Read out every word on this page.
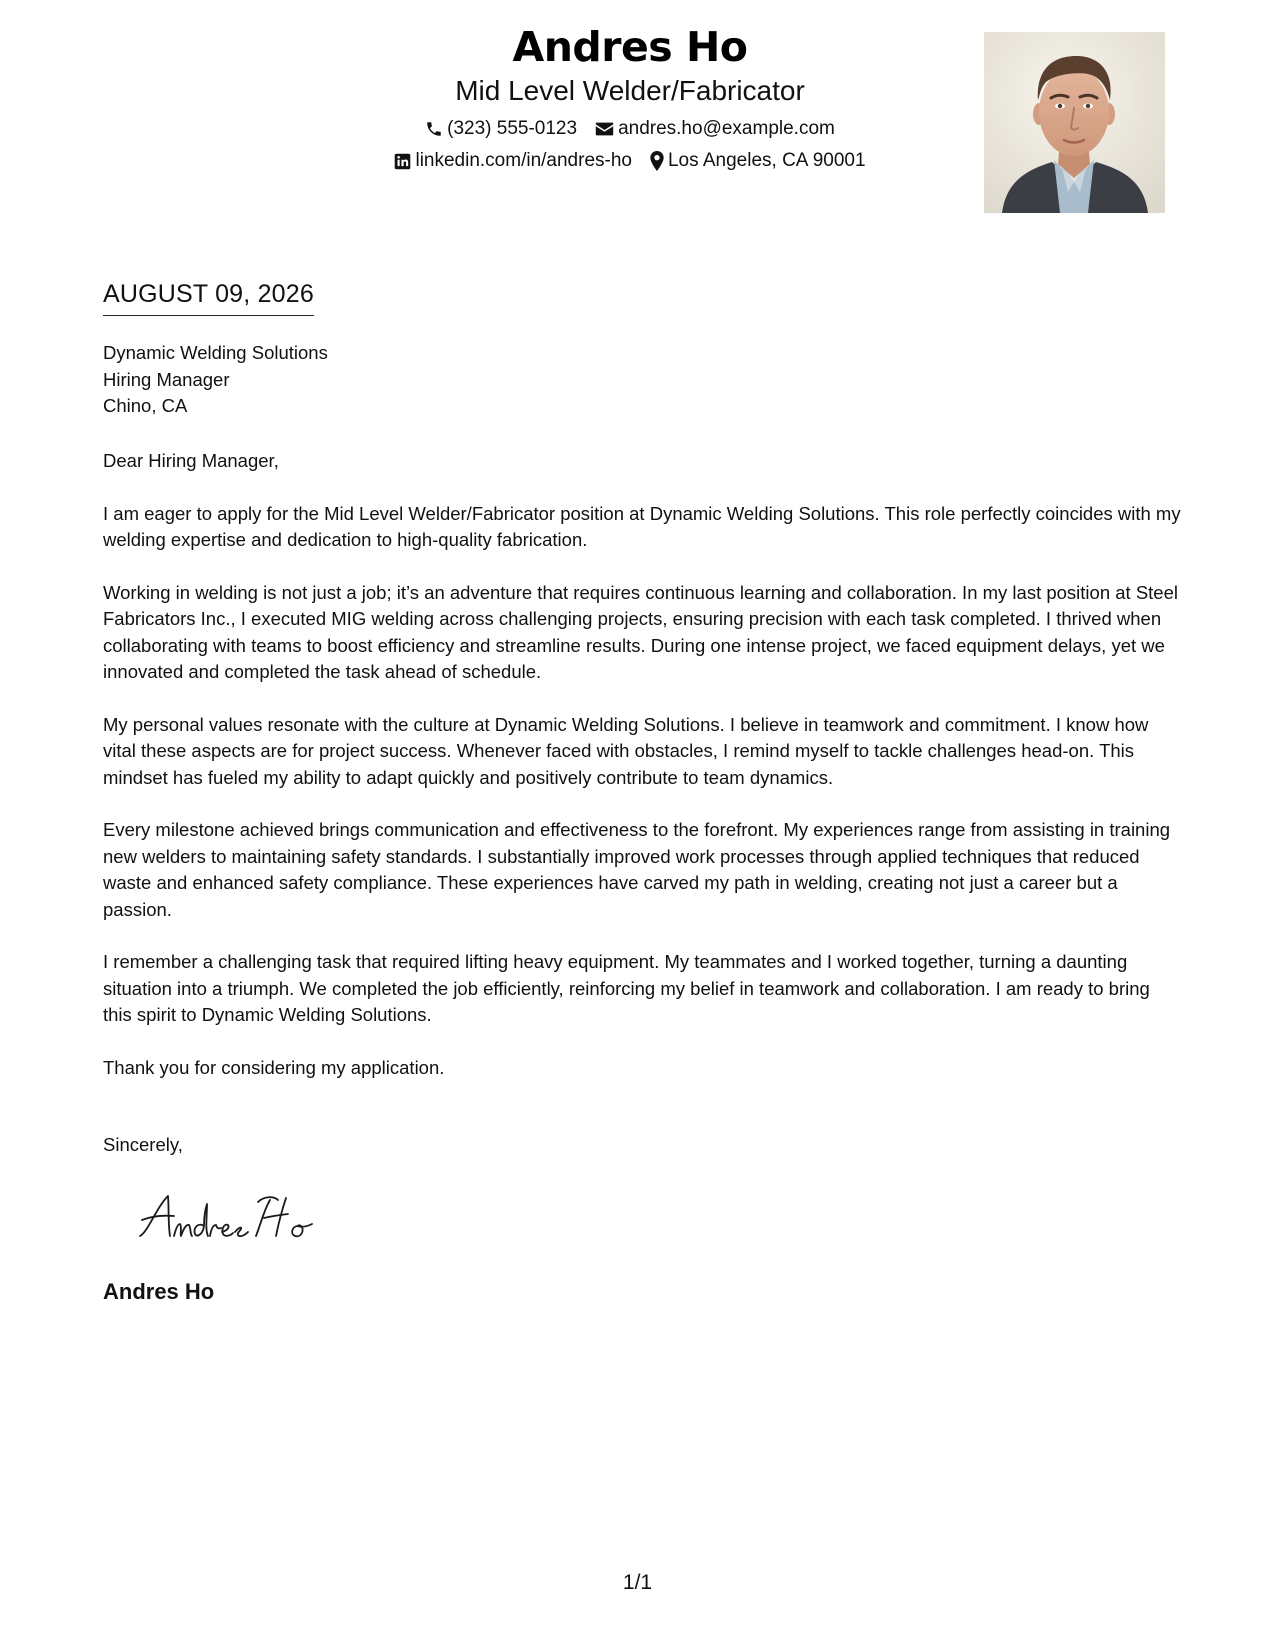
Andres Ho
Mid Level Welder/Fabricator
(323) 555-0123 andres.ho@example.com
linkedin.com/in/andres-ho Los Angeles, CA 90001
AUGUST 09, 2026
Dynamic Welding Solutions
Hiring Manager
Chino, CA

Dear Hiring Manager,

I am eager to apply for the Mid Level Welder/Fabricator position at Dynamic Welding Solutions. This role perfectly coincides with my welding expertise and dedication to high-quality fabrication.

Working in welding is not just a job; it’s an adventure that requires continuous learning and collaboration. In my last position at Steel Fabricators Inc., I executed MIG welding across challenging projects, ensuring precision with each task completed. I thrived when collaborating with teams to boost efficiency and streamline results. During one intense project, we faced equipment delays, yet we innovated and completed the task ahead of schedule.

My personal values resonate with the culture at Dynamic Welding Solutions. I believe in teamwork and commitment. I know how vital these aspects are for project success. Whenever faced with obstacles, I remind myself to tackle challenges head-on. This mindset has fueled my ability to adapt quickly and positively contribute to team dynamics.

Every milestone achieved brings communication and effectiveness to the forefront. My experiences range from assisting in training new welders to maintaining safety standards. I substantially improved work processes through applied techniques that reduced waste and enhanced safety compliance. These experiences have carved my path in welding, creating not just a career but a passion.

I remember a challenging task that required lifting heavy equipment. My teammates and I worked together, turning a daunting situation into a triumph. We completed the job efficiently, reinforcing my belief in teamwork and collaboration. I am ready to bring this spirit to Dynamic Welding Solutions.

Thank you for considering my application.

Sincerely,
Andres Ho
1/1
